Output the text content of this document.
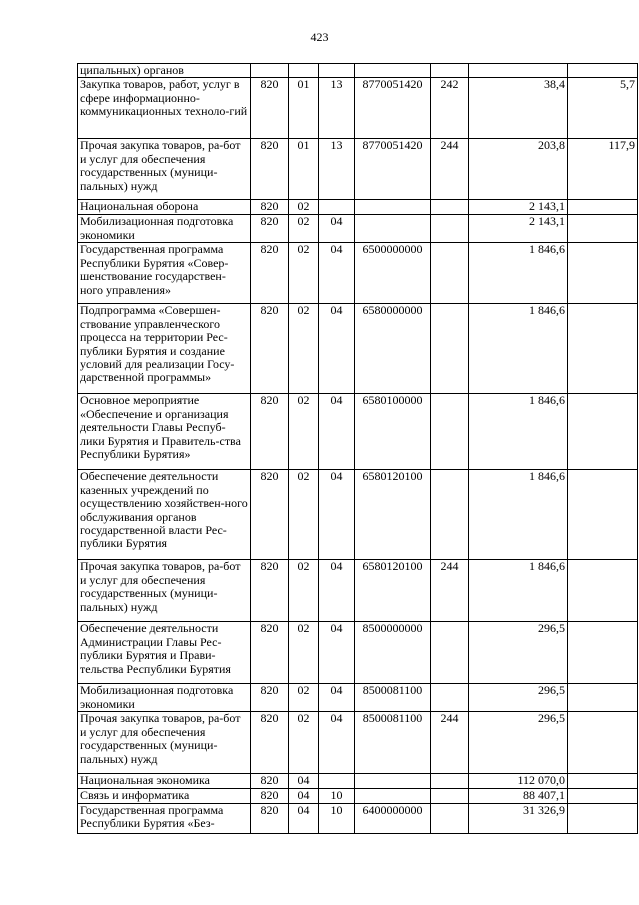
423
ципальных) органов							
Закупка товаров, работ, услуг в сфере информационно-коммуникационных техноло-гий	820	01	13	8770051420	242	38,4	5,7
Прочая закупка товаров, ра-бот и услуг для обеспечения государственных (муници-пальных) нужд	820	01	13	8770051420	244	203,8	117,9
Национальная оборона	820	02				2 143,1	
Мобилизационная подготовка экономики	820	02	04			2 143,1	
Государственная программа Республики Бурятия «Совер-шенствование государствен-ного управления»	820	02	04	6500000000		1 846,6	
Подпрограмма «Совершен-ствование управленческого процесса на территории Рес-публики Бурятия и создание условий для реализации Госу-дарственной программы»	820	02	04	6580000000		1 846,6	
Основное мероприятие «Обеспечение и организация деятельности Главы Респуб-лики Бурятия и Правитель-ства Республики Бурятия»	820	02	04	6580100000		1 846,6	
Обеспечение деятельности казенных учреждений по осуществлению хозяйствен-ного обслуживания органов государственной власти Рес-публики Бурятия	820	02	04	6580120100		1 846,6	
Прочая закупка товаров, ра-бот и услуг для обеспечения государственных (муници-пальных) нужд	820	02	04	6580120100	244	1 846,6	
Обеспечение деятельности Администрации Главы Рес-публики Бурятия и Прави-тельства Республики Бурятия	820	02	04	8500000000		296,5	
Мобилизационная подготовка экономики	820	02	04	8500081100		296,5	
Прочая закупка товаров, ра-бот и услуг для обеспечения государственных (муници-пальных) нужд	820	02	04	8500081100	244	296,5	
Национальная экономика	820	04				112 070,0	
Связь и информатика	820	04	10			88 407,1	
Государственная программа Республики Бурятия «Без-	820	04	10	6400000000		31 326,9	
